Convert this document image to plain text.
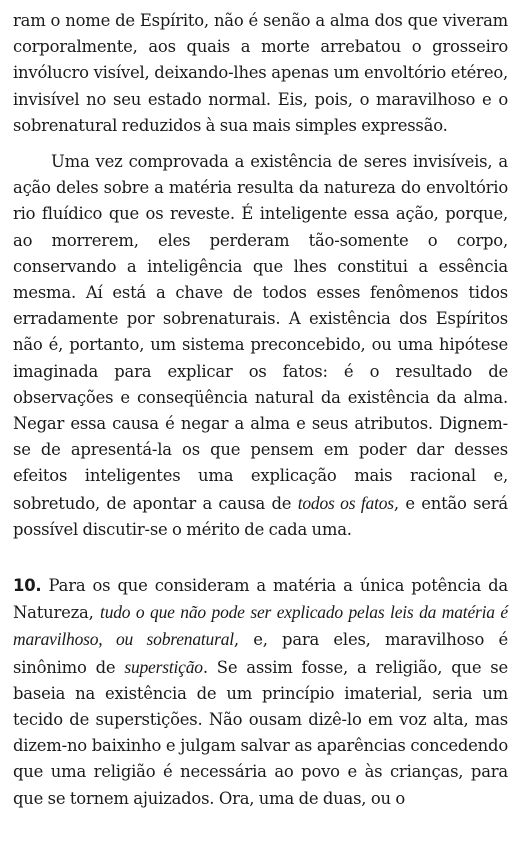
ram o nome de Espírito, não é senão a alma dos que viveram corporalmente, aos quais a morte arrebatou o grosseiro invólucro visível, deixando-lhes apenas um envoltório etéreo, invisível no seu estado normal. Eis, pois, o maravilhoso e o sobrenatural reduzidos à sua mais simples expressão.

Uma vez comprovada a existência de seres invisíveis, a ação deles sobre a matéria resulta da natureza do envoltório rio fluídico que os reveste. É inteligente essa ação, porque, ao morrerem, eles perderam tão-somente o corpo, conservando a inteligência que lhes constitui a essência mesma. Aí está a chave de todos esses fenômenos tidos erradamente por sobrenaturais. A existência dos Espíritos não é, portanto, um sistema preconcebido, ou uma hipótese imaginada para explicar os fatos: é o resultado de observações e conseqüência natural da existência da alma. Negar essa causa é negar a alma e seus atributos. Dignem-se de apresentá-la os que pensem em poder dar desses efeitos inteligentes uma explicação mais racional e, sobretudo, de apontar a causa de todos os fatos, e então será possível discutir-se o mérito de cada uma.

10. Para os que consideram a matéria a única potência da Natureza, tudo o que não pode ser explicado pelas leis da matéria é maravilhoso, ou sobrenatural, e, para eles, maravilhoso é sinônimo de superstição. Se assim fosse, a religião, que se baseia na existência de um princípio imaterial, seria um tecido de superstições. Não ousam dizê-lo em voz alta, mas dizem-no baixinho e julgam salvar as aparências concedendo que uma religião é necessária ao povo e às crianças, para que se tornem ajuizados. Ora, uma de duas, ou o
